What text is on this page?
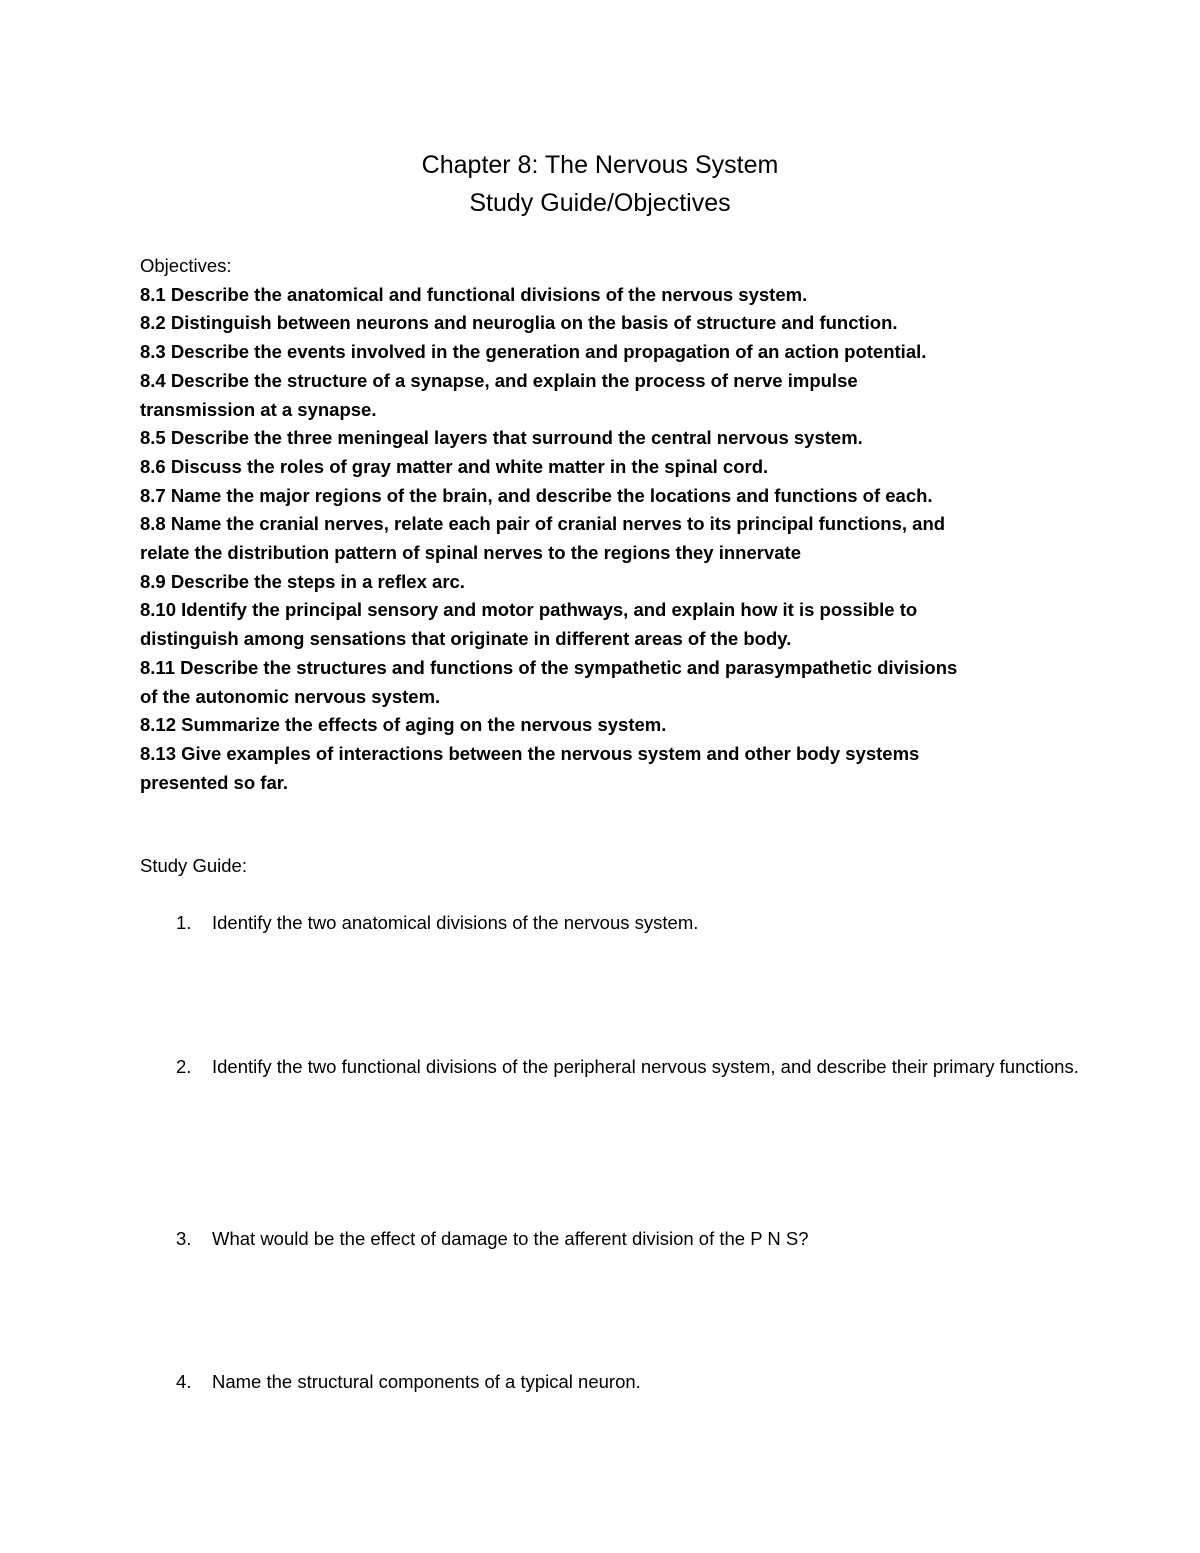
Chapter 8: The Nervous System
Study Guide/Objectives
Objectives:
8.1 Describe the anatomical and functional divisions of the nervous system.
8.2 Distinguish between neurons and neuroglia on the basis of structure and function.
8.3 Describe the events involved in the generation and propagation of an action potential.
8.4 Describe the structure of a synapse, and explain the process of nerve impulse
transmission at a synapse.
8.5 Describe the three meningeal layers that surround the central nervous system.
8.6 Discuss the roles of gray matter and white matter in the spinal cord.
8.7 Name the major regions of the brain, and describe the locations and functions of each.
8.8 Name the cranial nerves, relate each pair of cranial nerves to its principal functions, and
relate the distribution pattern of spinal nerves to the regions they innervate
8.9 Describe the steps in a reflex arc.
8.10 Identify the principal sensory and motor pathways, and explain how it is possible to
distinguish among sensations that originate in different areas of the body.
8.11 Describe the structures and functions of the sympathetic and parasympathetic divisions
of the autonomic nervous system.
8.12 Summarize the effects of aging on the nervous system.
8.13 Give examples of interactions between the nervous system and other body systems
presented so far.
Study Guide:
1. Identify the two anatomical divisions of the nervous system.
2. Identify the two functional divisions of the peripheral nervous system, and describe their primary functions.
3. What would be the effect of damage to the afferent division of the P N S?
4. Name the structural components of a typical neuron.
